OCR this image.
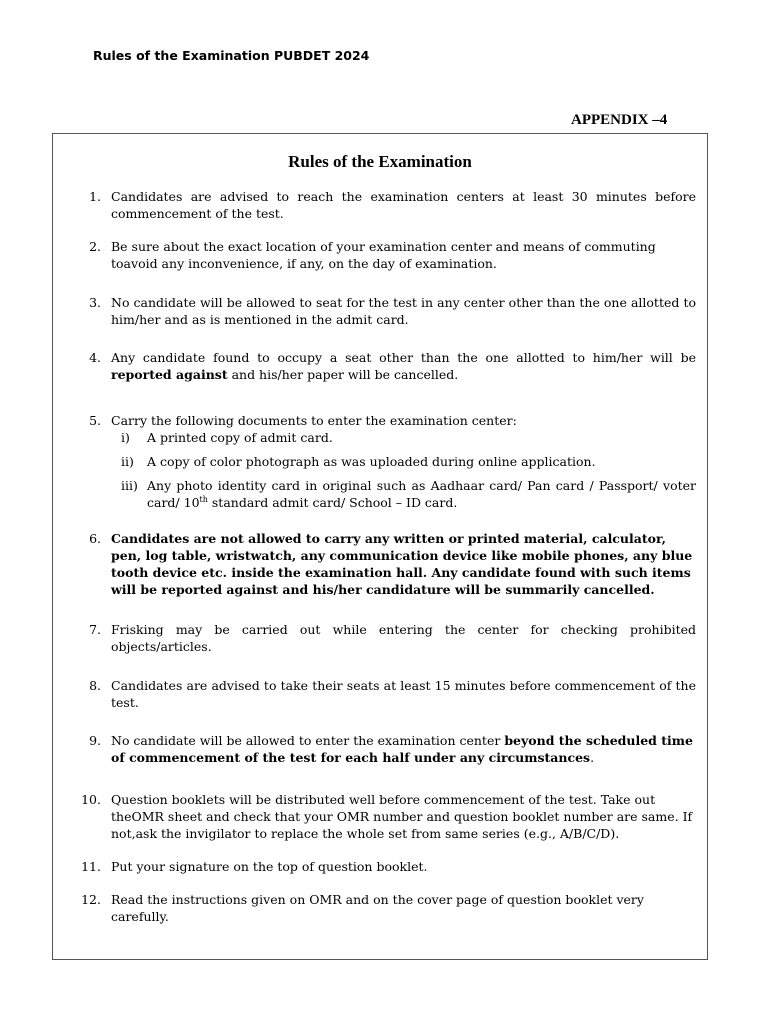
Rules of the Examination PUBDET 2024
APPENDIX –4
Rules of the Examination
1. Candidates are advised to reach the examination centers at least 30 minutes before commencement of the test.
2. Be sure about the exact location of your examination center and means of commuting toavoid any inconvenience, if any, on the day of examination.
3. No candidate will be allowed to seat for the test in any center other than the one allotted to him/her and as is mentioned in the admit card.
4. Any candidate found to occupy a seat other than the one allotted to him/her will be reported against and his/her paper will be cancelled.
5. Carry the following documents to enter the examination center:
i) A printed copy of admit card.
ii) A copy of color photograph as was uploaded during online application.
iii) Any photo identity card in original such as Aadhaar card/ Pan card / Passport/ voter card/ 10th standard admit card/ School – ID card.
6. Candidates are not allowed to carry any written or printed material, calculator, pen, log table, wristwatch, any communication device like mobile phones, any blue tooth device etc. inside the examination hall. Any candidate found with such items will be reported against and his/her candidature will be summarily cancelled.
7. Frisking may be carried out while entering the center for checking prohibited objects/articles.
8. Candidates are advised to take their seats at least 15 minutes before commencement of the test.
9. No candidate will be allowed to enter the examination center beyond the scheduled time of commencement of the test for each half under any circumstances.
10. Question booklets will be distributed well before commencement of the test. Take out theOMR sheet and check that your OMR number and question booklet number are same. If not,ask the invigilator to replace the whole set from same series (e.g., A/B/C/D).
11. Put your signature on the top of question booklet.
12. Read the instructions given on OMR and on the cover page of question booklet very carefully.
